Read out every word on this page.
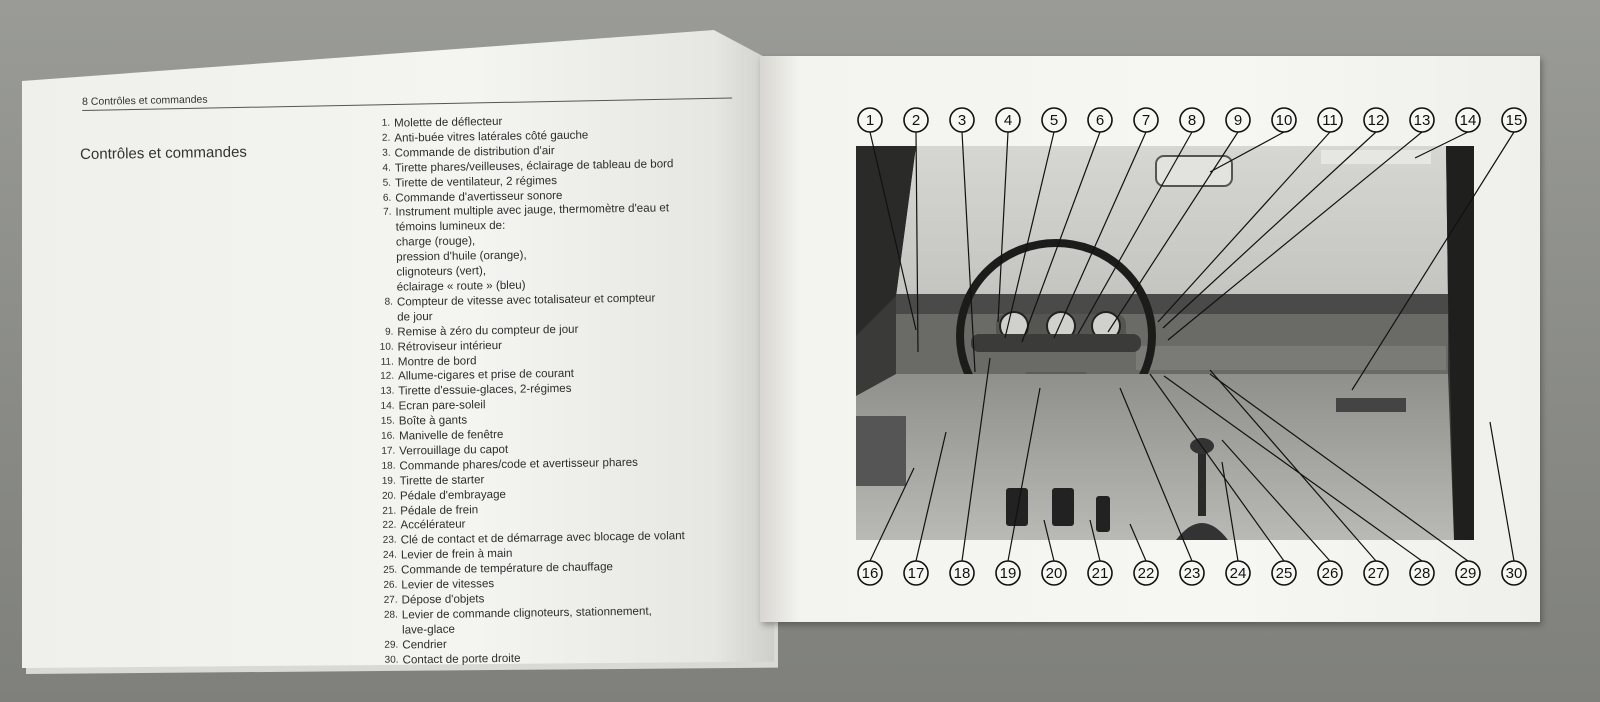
8 Contrôles et commandes
Contrôles et commandes
1. Molette de déflecteur
2. Anti-buée vitres latérales côté gauche
3. Commande de distribution d'air
4. Tirette phares/veilleuses, éclairage de tableau de bord
5. Tirette de ventilateur, 2 régimes
6. Commande d'avertisseur sonore
7. Instrument multiple avec jauge, thermomètre d'eau et
témoins lumineux de:
charge (rouge),
pression d'huile (orange),
clignoteurs (vert),
éclairage « route » (bleu)
8. Compteur de vitesse avec totalisateur et compteur
de jour
9. Remise à zéro du compteur de jour
10. Rétroviseur intérieur
11. Montre de bord
12. Allume-cigares et prise de courant
13. Tirette d'essuie-glaces, 2-régimes
14. Ecran pare-soleil
15. Boîte à gants
16. Manivelle de fenêtre
17. Verrouillage du capot
18. Commande phares/code et avertisseur phares
19. Tirette de starter
20. Pédale d'embrayage
21. Pédale de frein
22. Accélérateur
23. Clé de contact et de démarrage avec blocage de volant
24. Levier de frein à main
25. Commande de température de chauffage
26. Levier de vitesses
27. Dépose d'objets
28. Levier de commande clignoteurs, stationnement,
lave-glace
29. Cendrier
30. Contact de porte droite
1	2	3	4	5	6	7	8	9 10 11 12 13 14 15
16 17 18 19 20 21 22 23 24 25 26 27 28 29 30
